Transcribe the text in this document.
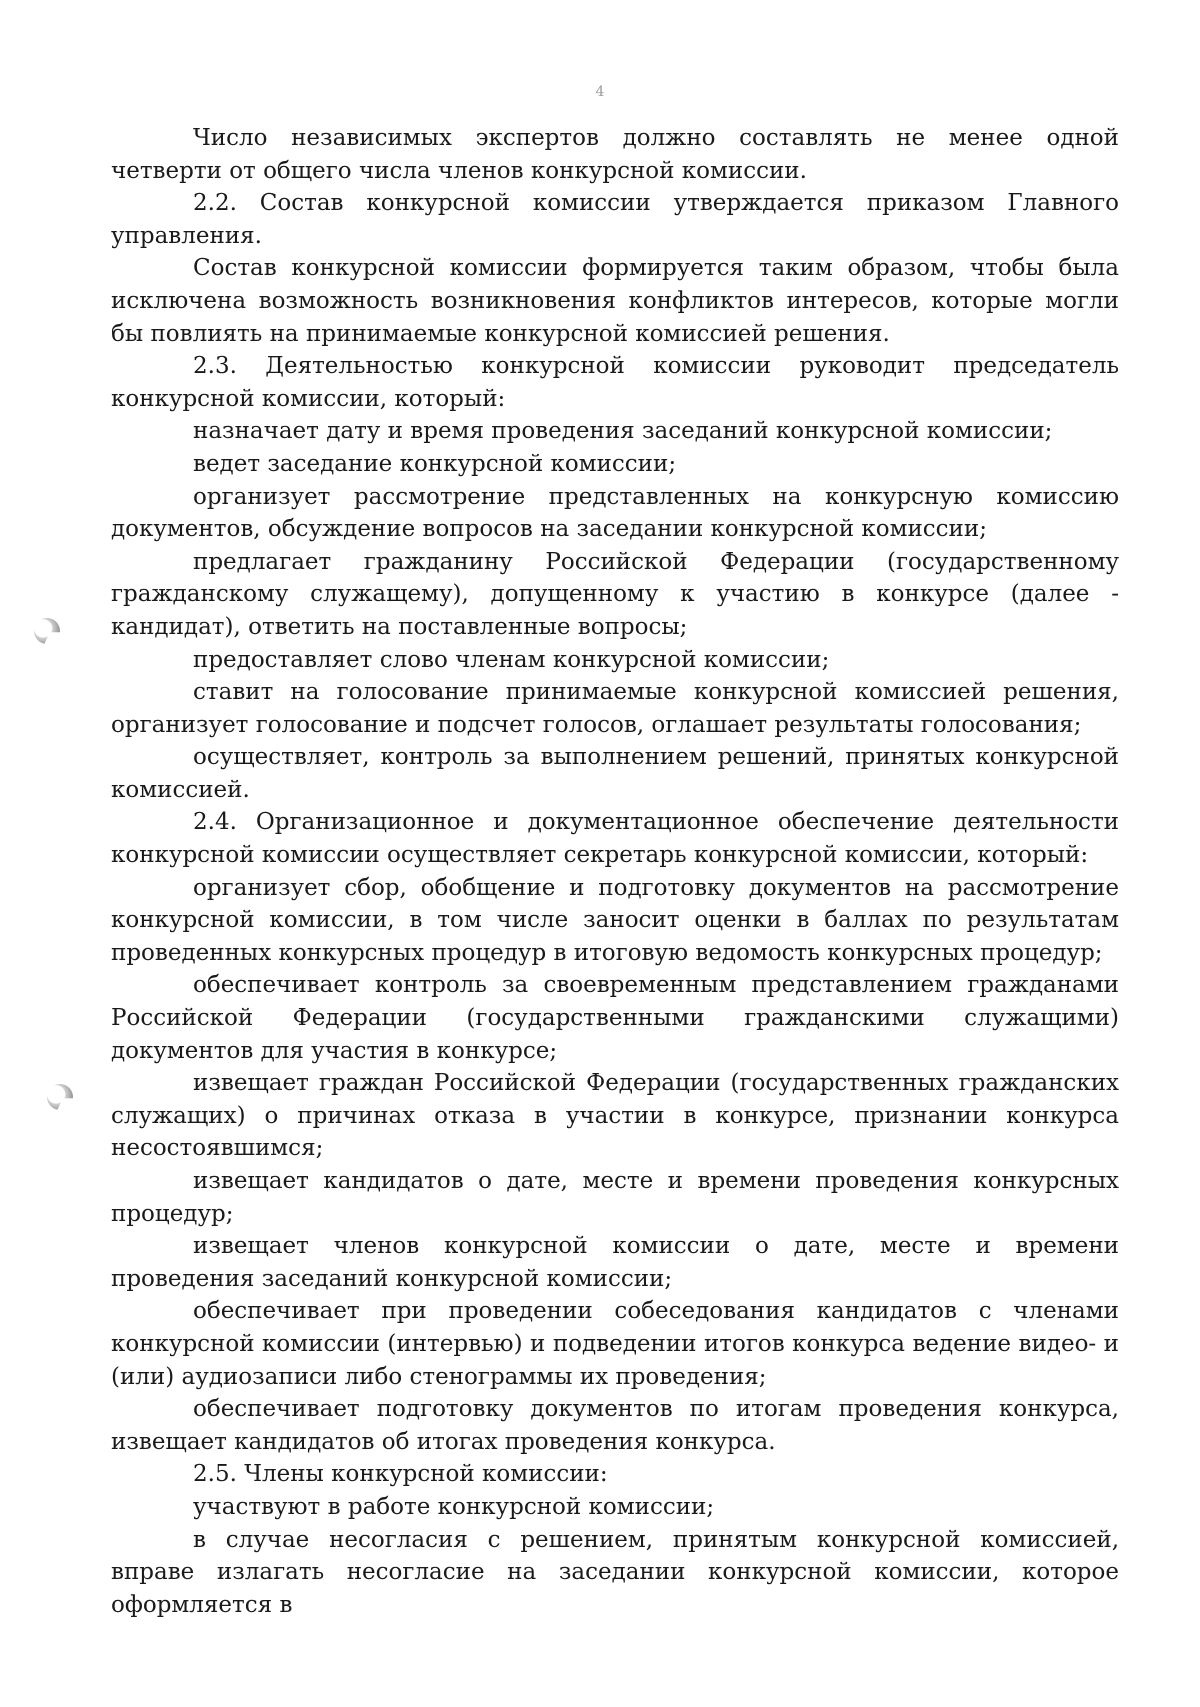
4

Число независимых экспертов должно составлять не менее одной четверти от общего числа членов конкурсной комиссии.

2.2. Состав конкурсной комиссии утверждается приказом Главного управления.

Состав конкурсной комиссии формируется таким образом, чтобы была исключена возможность возникновения конфликтов интересов, которые могли бы повлиять на принимаемые конкурсной комиссией решения.

2.3. Деятельностью конкурсной комиссии руководит председатель конкурсной комиссии, который:

назначает дату и время проведения заседаний конкурсной комиссии;

ведет заседание конкурсной комиссии;

организует рассмотрение представленных на конкурсную комиссию документов, обсуждение вопросов на заседании конкурсной комиссии;

предлагает гражданину Российской Федерации (государственному гражданскому служащему), допущенному к участию в конкурсе (далее - кандидат), ответить на поставленные вопросы;

предоставляет слово членам конкурсной комиссии;

ставит на голосование принимаемые конкурсной комиссией решения, организует голосование и подсчет голосов, оглашает результаты голосования;

осуществляет, контроль за выполнением решений, принятых конкурсной комиссией.

2.4. Организационное и документационное обеспечение деятельности конкурсной комиссии осуществляет секретарь конкурсной комиссии, который:

организует сбор, обобщение и подготовку документов на рассмотрение конкурсной комиссии, в том числе заносит оценки в баллах по результатам проведенных конкурсных процедур в итоговую ведомость конкурсных процедур;

обеспечивает контроль за своевременным представлением гражданами Российской Федерации (государственными гражданскими служащими) документов для участия в конкурсе;

извещает граждан Российской Федерации (государственных гражданских служащих) о причинах отказа в участии в конкурсе, признании конкурса несостоявшимся;

извещает кандидатов о дате, месте и времени проведения конкурсных процедур;

извещает членов конкурсной комиссии о дате, месте и времени проведения заседаний конкурсной комиссии;

обеспечивает при проведении собеседования кандидатов с членами конкурсной комиссии (интервью) и подведении итогов конкурса ведение видео- и (или) аудиозаписи либо стенограммы их проведения;

обеспечивает подготовку документов по итогам проведения конкурса, извещает кандидатов об итогах проведения конкурса.

2.5. Члены конкурсной комиссии:

участвуют в работе конкурсной комиссии;

в случае несогласия с решением, принятым конкурсной комиссией, вправе излагать несогласие на заседании конкурсной комиссии, которое оформляется в
